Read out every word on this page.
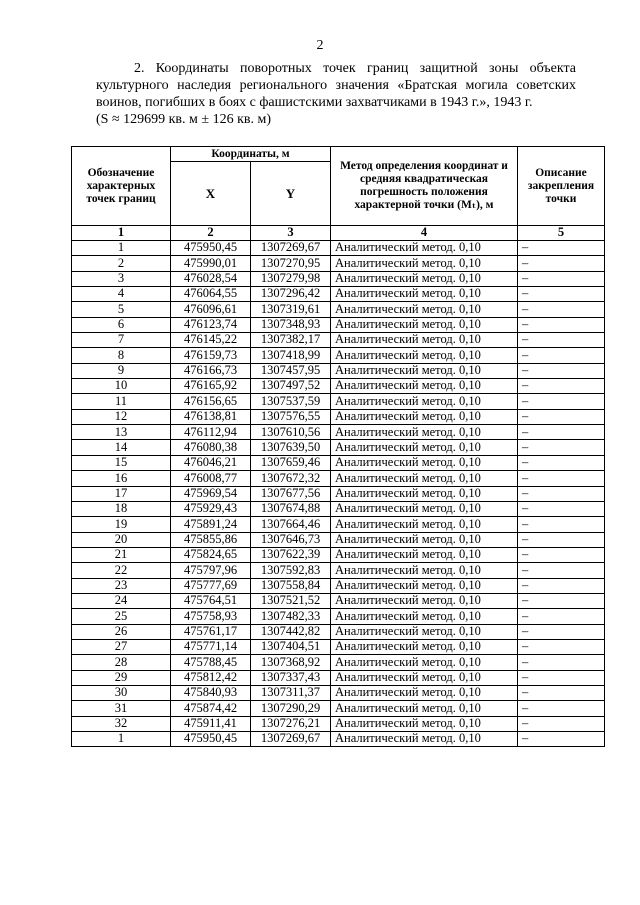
2
2. Координаты поворотных точек границ защитной зоны объекта культурного наследия регионального значения «Братская могила советских воинов, погибших в боях с фашистскими захватчиками в 1943 г.», 1943 г.
(S ≈ 129699 кв. м ± 126 кв. м)
Обозначение характерных точек границ	Координаты, м		Метод определения координат и средняя квадратическая погрешность положения характерной точки (Mₜ), м	Описание закрепления точки
	X	Y		
1	2	3	4	5
1	475950,45	1307269,67	Аналитический метод. 0,10	–
2	475990,01	1307270,95	Аналитический метод. 0,10	–
3	476028,54	1307279,98	Аналитический метод. 0,10	–
4	476064,55	1307296,42	Аналитический метод. 0,10	–
5	476096,61	1307319,61	Аналитический метод. 0,10	–
6	476123,74	1307348,93	Аналитический метод. 0,10	–
7	476145,22	1307382,17	Аналитический метод. 0,10	–
8	476159,73	1307418,99	Аналитический метод. 0,10	–
9	476166,73	1307457,95	Аналитический метод. 0,10	–
10	476165,92	1307497,52	Аналитический метод. 0,10	–
11	476156,65	1307537,59	Аналитический метод. 0,10	–
12	476138,81	1307576,55	Аналитический метод. 0,10	–
13	476112,94	1307610,56	Аналитический метод. 0,10	–
14	476080,38	1307639,50	Аналитический метод. 0,10	–
15	476046,21	1307659,46	Аналитический метод. 0,10	–
16	476008,77	1307672,32	Аналитический метод. 0,10	–
17	475969,54	1307677,56	Аналитический метод. 0,10	–
18	475929,43	1307674,88	Аналитический метод. 0,10	–
19	475891,24	1307664,46	Аналитический метод. 0,10	–
20	475855,86	1307646,73	Аналитический метод. 0,10	–
21	475824,65	1307622,39	Аналитический метод. 0,10	–
22	475797,96	1307592,83	Аналитический метод. 0,10	–
23	475777,69	1307558,84	Аналитический метод. 0,10	–
24	475764,51	1307521,52	Аналитический метод. 0,10	–
25	475758,93	1307482,33	Аналитический метод. 0,10	–
26	475761,17	1307442,82	Аналитический метод. 0,10	–
27	475771,14	1307404,51	Аналитический метод. 0,10	–
28	475788,45	1307368,92	Аналитический метод. 0,10	–
29	475812,42	1307337,43	Аналитический метод. 0,10	–
30	475840,93	1307311,37	Аналитический метод. 0,10	–
31	475874,42	1307290,29	Аналитический метод. 0,10	–
32	475911,41	1307276,21	Аналитический метод. 0,10	–
1	475950,45	1307269,67	Аналитический метод. 0,10	–
